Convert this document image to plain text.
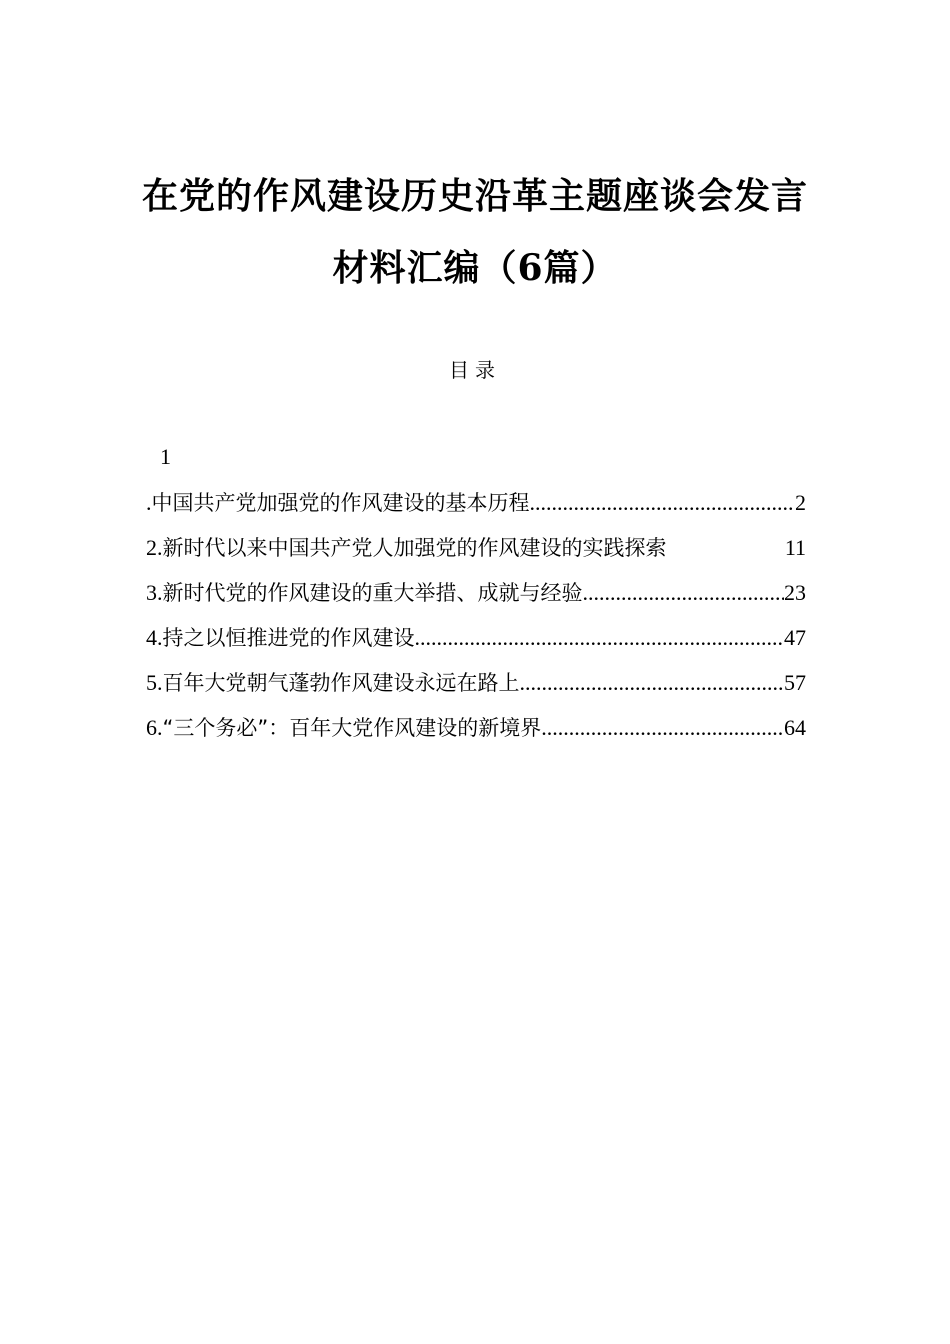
在党的作风建设历史沿革主题座谈会发言
材料汇编（6篇）
目录
1
. 中国共产党加强党的作风建设的基本历程 .....	2
2. 新时代以来中国共产党人加强党的作风建设的实践探索	11
3. 新时代党的作风建设的重大举措、成就与经验 .....	23
4. 持之以恒推进党的作风建设 .....	47
5. 百年大党朝气蓬勃作风建设永远在路上 .....	57
6. “三个务必”：百年大党作风建设的新境界 .....	64
